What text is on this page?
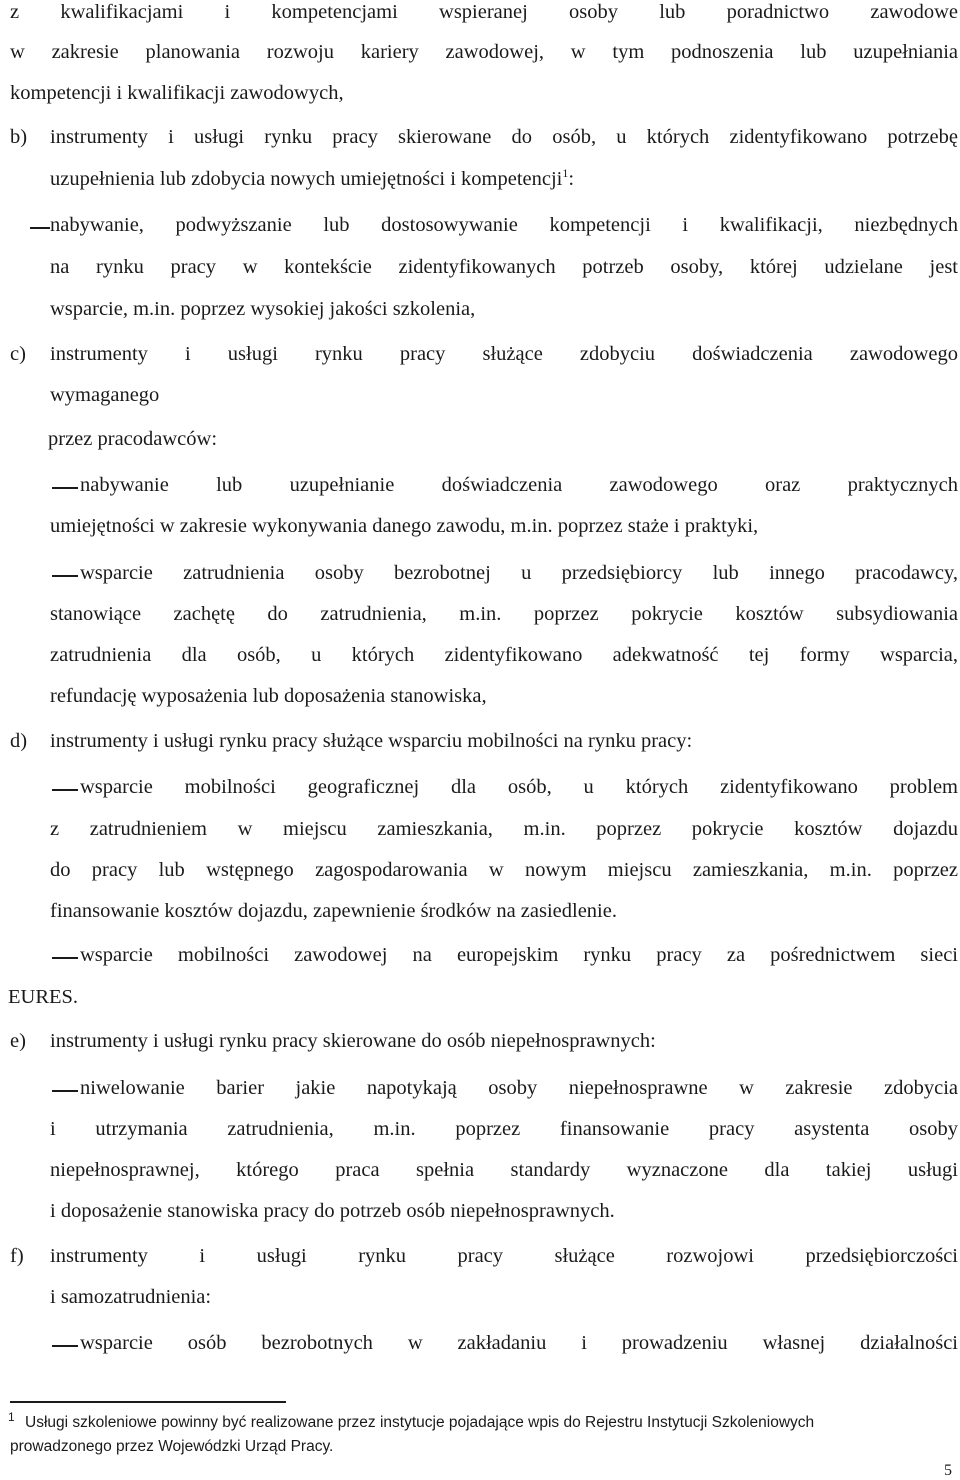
z kwalifikacjami i kompetencjami wspieranej osoby lub poradnictwo zawodowe
w zakresie planowania rozwoju kariery zawodowej, w tym podnoszenia lub uzupełniania
kompetencji i kwalifikacji zawodowych,
b)	instrumenty i usługi rynku pracy skierowane do osób, u których zidentyfikowano potrzebę
uzupełnienia lub zdobycia nowych umiejętności i kompetencji$^1$:
nabywanie, podwyższanie lub dostosowywanie kompetencji i kwalifikacji, niezbędnych
na rynku pracy w kontekście zidentyfikowanych potrzeb osoby, której udzielane jest
wsparcie, m.in. poprzez wysokiej jakości szkolenia,
c)	instrumenty i usługi rynku pracy służące zdobyciu doświadczenia zawodowego
wymaganego
przez pracodawców:
nabywanie lub uzupełnianie doświadczenia zawodowego oraz praktycznych
umiejętności w zakresie wykonywania danego zawodu, m.in. poprzez staże i praktyki,
wsparcie zatrudnienia osoby bezrobotnej u przedsiębiorcy lub innego pracodawcy,
stanowiące zachętę do zatrudnienia, m.in. poprzez pokrycie kosztów subsydiowania
zatrudnienia dla osób, u których zidentyfikowano adekwatność tej formy wsparcia,
refundację wyposażenia lub doposażenia stanowiska,
d)	instrumenty i usługi rynku pracy służące wsparciu mobilności na rynku pracy:
wsparcie mobilności geograficznej dla osób, u których zidentyfikowano problem
z zatrudnieniem w miejscu zamieszkania, m.in. poprzez pokrycie kosztów dojazdu
do pracy lub wstępnego zagospodarowania w nowym miejscu zamieszkania, m.in. poprzez
finansowanie kosztów dojazdu, zapewnienie środków na zasiedlenie.
wsparcie mobilności zawodowej na europejskim rynku pracy za pośrednictwem sieci
EURES.
e)	instrumenty i usługi rynku pracy skierowane do osób niepełnosprawnych:
niwelowanie barier jakie napotykają osoby niepełnosprawne w zakresie zdobycia
i utrzymania zatrudnienia, m.in. poprzez finansowanie pracy asystenta osoby
niepełnosprawnej, którego praca spełnia standardy wyznaczone dla takiej usługi
i doposażenie stanowiska pracy do potrzeb osób niepełnosprawnych.
f)	instrumenty i usługi rynku pracy służące rozwojowi przedsiębiorczości
i samozatrudnienia:
wsparcie osób bezrobotnych w zakładaniu i prowadzeniu własnej działalności
$^1$ Usługi szkoleniowe powinny być realizowane przez instytucje pojadające wpis do Rejestru Instytucji Szkoleniowych
prowadzonego przez Wojewódzki Urząd Pracy.
5
